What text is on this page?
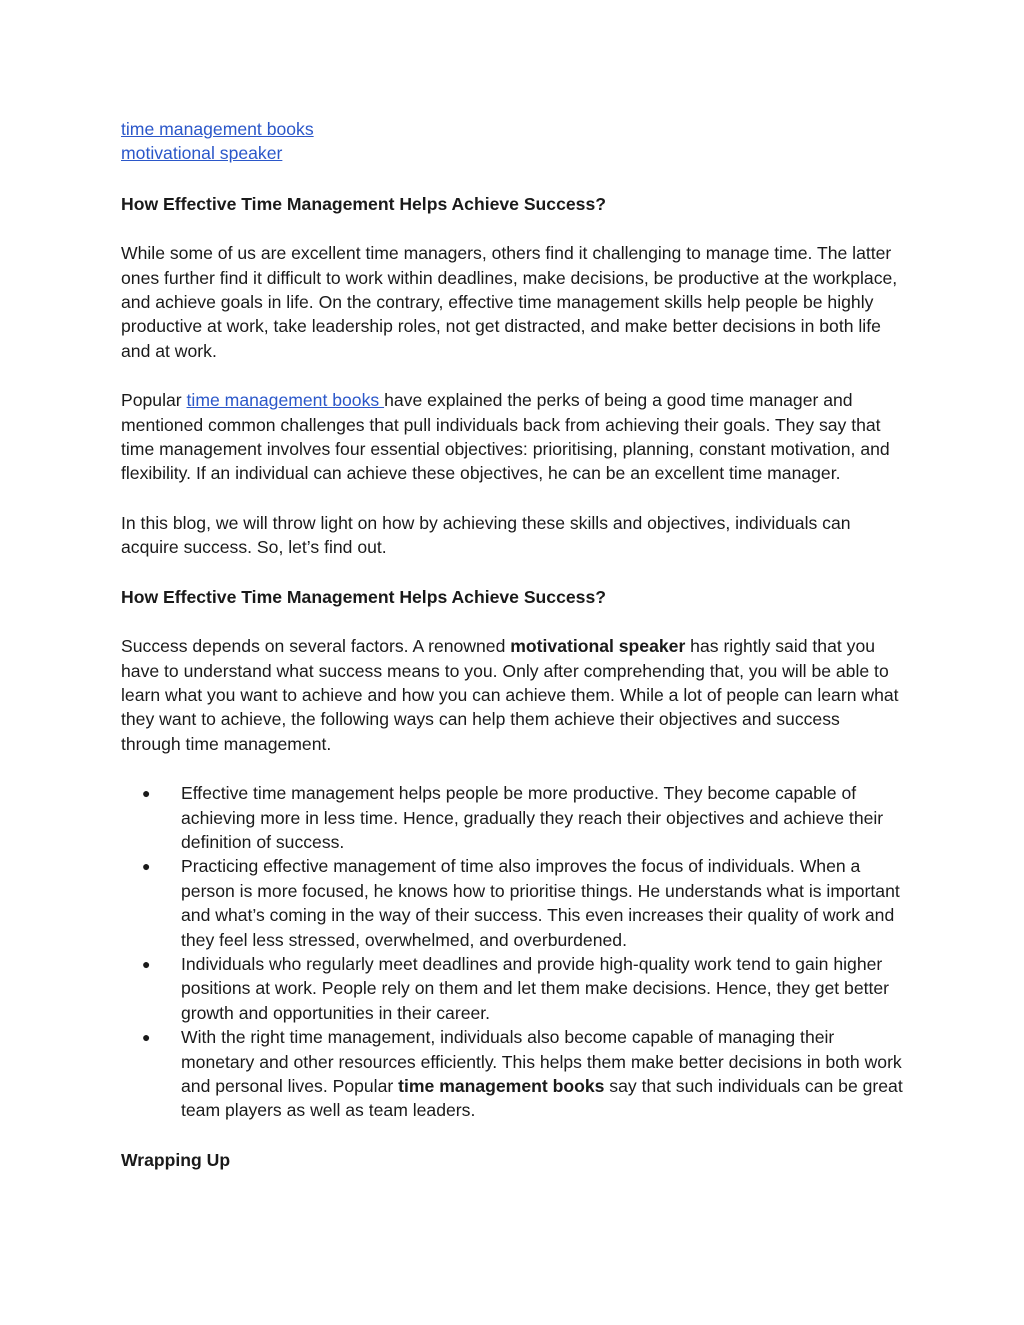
time management books

motivational speaker

How Effective Time Management Helps Achieve Success?

While some of us are excellent time managers, others find it challenging to manage time. The latter ones further find it difficult to work within deadlines, make decisions, be productive at the workplace, and achieve goals in life. On the contrary, effective time management skills help people be highly productive at work, take leadership roles, not get distracted, and make better decisions in both life and at work.

Popular time management books have explained the perks of being a good time manager and mentioned common challenges that pull individuals back from achieving their goals. They say that time management involves four essential objectives: prioritising, planning, constant motivation, and flexibility. If an individual can achieve these objectives, he can be an excellent time manager.

In this blog, we will throw light on how by achieving these skills and objectives, individuals can acquire success. So, let’s find out.

How Effective Time Management Helps Achieve Success?

Success depends on several factors. A renowned motivational speaker has rightly said that you have to understand what success means to you. Only after comprehending that, you will be able to learn what you want to achieve and how you can achieve them. While a lot of people can learn what they want to achieve, the following ways can help them achieve their objectives and success through time management.

● Effective time management helps people be more productive. They become capable of achieving more in less time. Hence, gradually they reach their objectives and achieve their definition of success.
● Practicing effective management of time also improves the focus of individuals. When a person is more focused, he knows how to prioritise things. He understands what is important and what’s coming in the way of their success. This even increases their quality of work and they feel less stressed, overwhelmed, and overburdened.
● Individuals who regularly meet deadlines and provide high-quality work tend to gain higher positions at work. People rely on them and let them make decisions. Hence, they get better growth and opportunities in their career.
● With the right time management, individuals also become capable of managing their monetary and other resources efficiently. This helps them make better decisions in both work and personal lives. Popular time management books say that such individuals can be great team players as well as team leaders.

Wrapping Up
